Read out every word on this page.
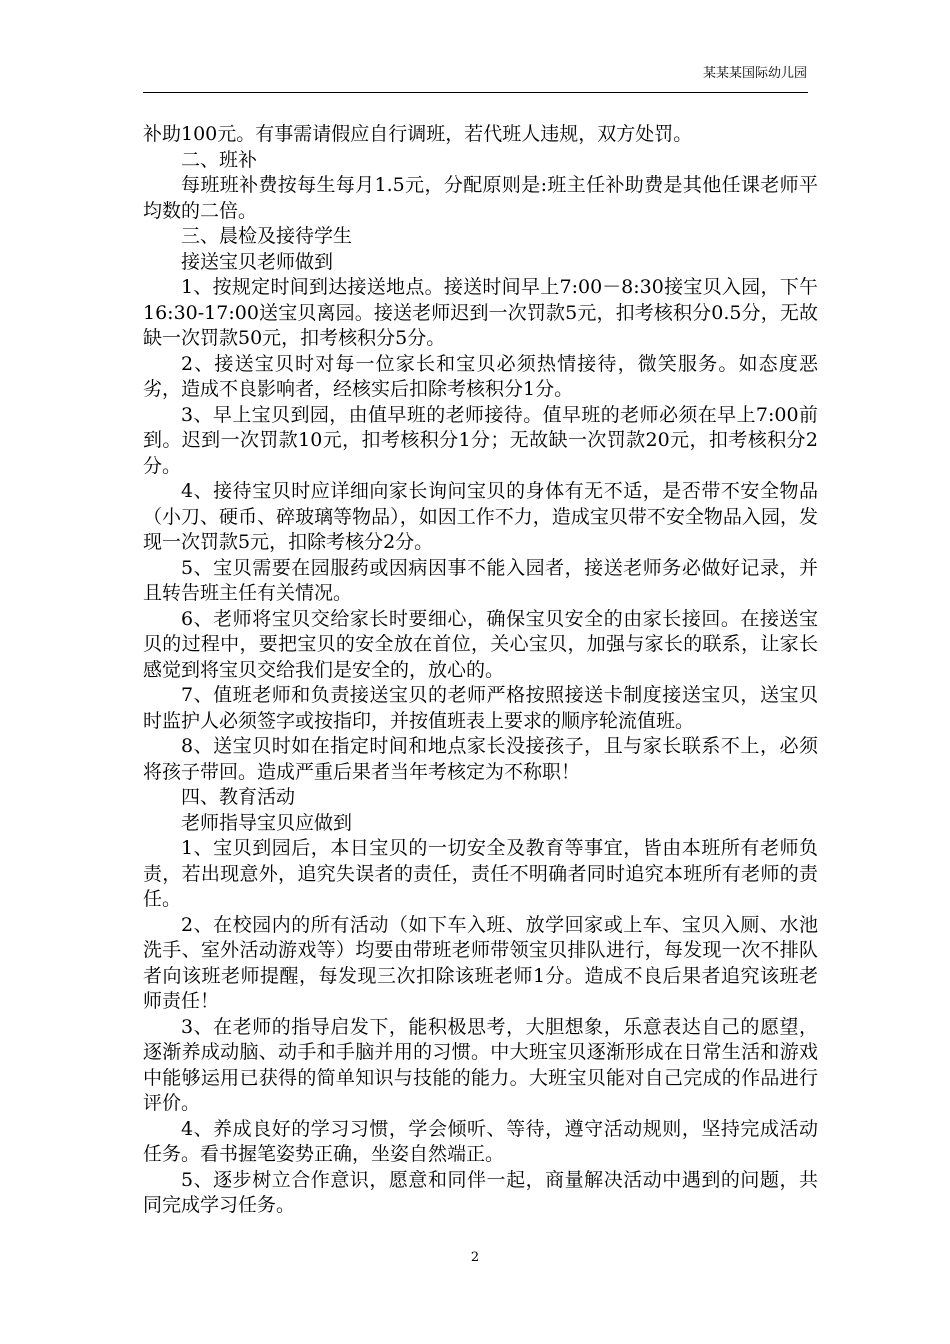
某某某国际幼儿园

补助100元。有事需请假应自行调班，若代班人违规，双方处罚。

二、班补

每班班补费按每生每月1.5元，分配原则是:班主任补助费是其他任课老师平均数的二倍。

三、晨检及接待学生

接送宝贝老师做到

1、按规定时间到达接送地点。接送时间早上7:00－8:30接宝贝入园，下午16:30-17:00送宝贝离园。接送老师迟到一次罚款5元，扣考核积分0.5分，无故缺一次罚款50元，扣考核积分5分。

2、接送宝贝时对每一位家长和宝贝必须热情接待，微笑服务。如态度恶劣，造成不良影响者，经核实后扣除考核积分1分。

3、早上宝贝到园，由值早班的老师接待。值早班的老师必须在早上7:00前到。迟到一次罚款10元，扣考核积分1分；无故缺一次罚款20元，扣考核积分2分。

4、接待宝贝时应详细向家长询问宝贝的身体有无不适，是否带不安全物品（小刀、硬币、碎玻璃等物品），如因工作不力，造成宝贝带不安全物品入园，发现一次罚款5元，扣除考核分2分。

5、宝贝需要在园服药或因病因事不能入园者，接送老师务必做好记录，并且转告班主任有关情况。

6、老师将宝贝交给家长时要细心，确保宝贝安全的由家长接回。在接送宝贝的过程中，要把宝贝的安全放在首位，关心宝贝，加强与家长的联系，让家长感觉到将宝贝交给我们是安全的，放心的。

7、值班老师和负责接送宝贝的老师严格按照接送卡制度接送宝贝，送宝贝时监护人必须签字或按指印，并按值班表上要求的顺序轮流值班。

8、送宝贝时如在指定时间和地点家长没接孩子，且与家长联系不上，必须将孩子带回。造成严重后果者当年考核定为不称职！

四、教育活动

老师指导宝贝应做到

1、宝贝到园后，本日宝贝的一切安全及教育等事宜，皆由本班所有老师负责，若出现意外，追究失误者的责任，责任不明确者同时追究本班所有老师的责任。

2、在校园内的所有活动（如下车入班、放学回家或上车、宝贝入厕、水池洗手、室外活动游戏等）均要由带班老师带领宝贝排队进行，每发现一次不排队者向该班老师提醒，每发现三次扣除该班老师1分。造成不良后果者追究该班老师责任！

3、在老师的指导启发下，能积极思考，大胆想象，乐意表达自己的愿望，逐渐养成动脑、动手和手脑并用的习惯。中大班宝贝逐渐形成在日常生活和游戏中能够运用已获得的简单知识与技能的能力。大班宝贝能对自己完成的作品进行评价。

4、养成良好的学习习惯，学会倾听、等待，遵守活动规则，坚持完成活动任务。看书握笔姿势正确，坐姿自然端正。

5、逐步树立合作意识，愿意和同伴一起，商量解决活动中遇到的问题，共同完成学习任务。

2
